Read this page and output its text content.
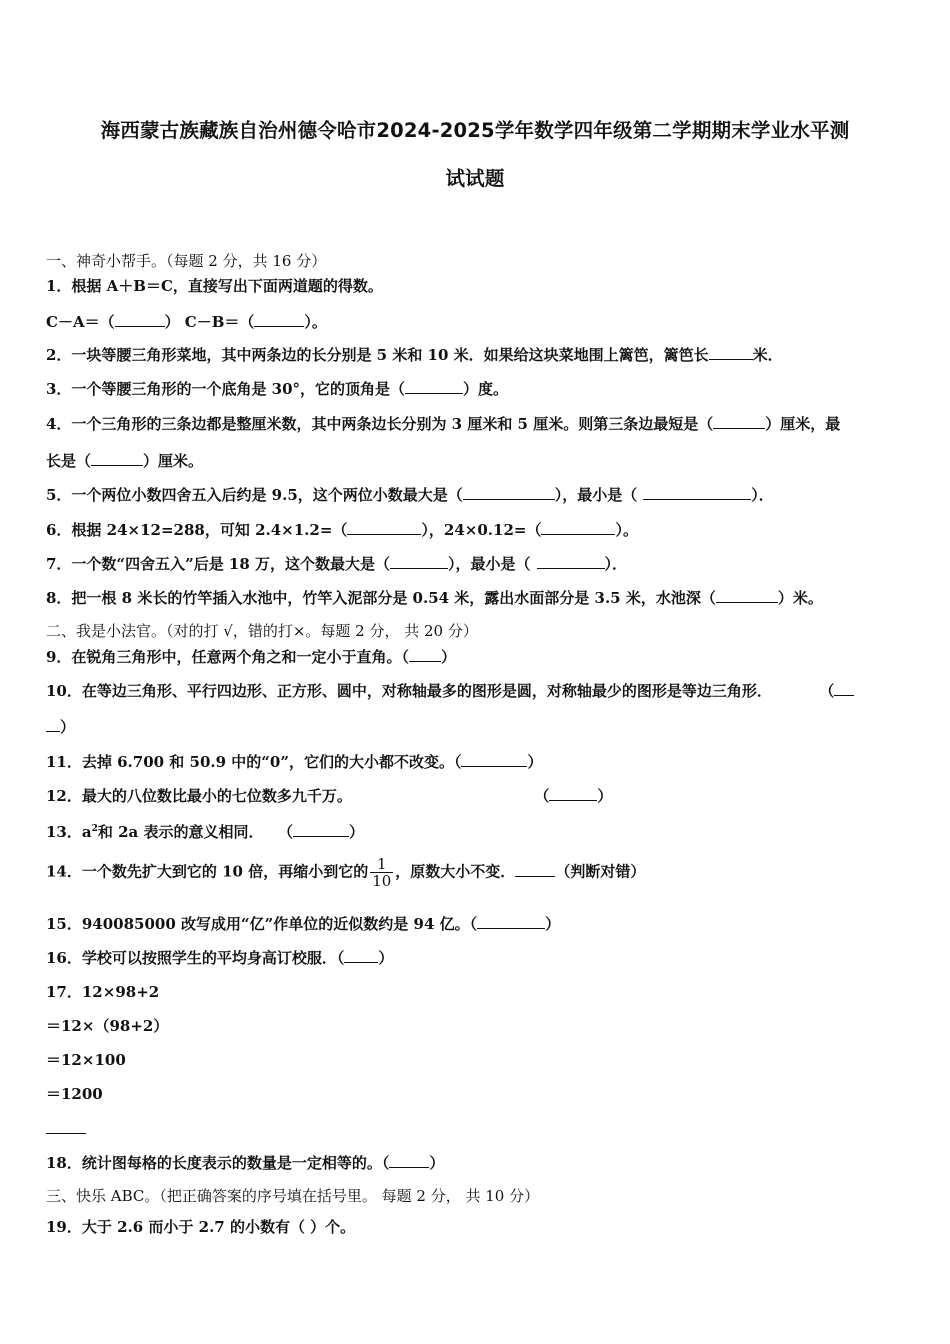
海西蒙古族藏族自治州德令哈市2024-2025学年数学四年级第二学期期末学业水平测
试试题
一、神奇小帮手。（每题 2 分，共 16 分）
1．根据 A＋B＝C，直接写出下面两道题的得数。
C－A＝（	） C－B＝（	）。
2．一块等腰三角形菜地，其中两条边的长分别是 5 米和 10 米．如果给这块菜地围上篱笆，篱笆长	米．
3．一个等腰三角形的一个底角是 30°，它的顶角是（	）度。
4．一个三角形的三条边都是整厘米数，其中两条边长分别为 3 厘米和 5 厘米。则第三条边最短是（	）厘米，最
长是（	）厘米。
5．一个两位小数四舍五入后约是 9.5，这个两位小数最大是（	），最小是（	）．
6．根据 24×12=288，可知 2.4×1.2=（	），24×0.12=（	）。
7．一个数“四舍五入”后是 18 万，这个数最大是（	），最小是（	）．
8．把一根 8 米长的竹竿插入水池中，竹竿入泥部分是 0.54 米，露出水面部分是 3.5 米，水池深（	）米。
二、我是小法官。（对的打 √，错的打×。每题 2 分， 共 20 分）
9．在锐角三角形中，任意两个角之和一定小于直角。（ ）
10．在等边三角形、平行四边形、正方形、圆中，对称轴最多的图形是圆，对称轴最少的图形是等边三角形．	（
）
11．去掉 6.700 和 50.9 中的“0”，它们的大小都不改变。（	）
12．最大的八位数比最小的七位数多九千万。	（	）
13．$a^2$和 2a 表示的意义相同． （	）
14．一个数先扩大到它的 10 倍，再缩小到它的 $\frac{1}{10}$ ，原数大小不变．	（判断对错）
15．940085000 改写成用“亿”作单位的近似数约是 94 亿。（	）
16．学校可以按照学生的平均身高订校服．（ ）
17．12×98+2
＝12×（98+2）
＝12×100
＝1200
18．统计图每格的长度表示的数量是一定相等的。（	）
三、快乐 ABC。（把正确答案的序号填在括号里。 每题 2 分， 共 10 分）
19．大于 2.6 而小于 2.7 的小数有（ ）个。
